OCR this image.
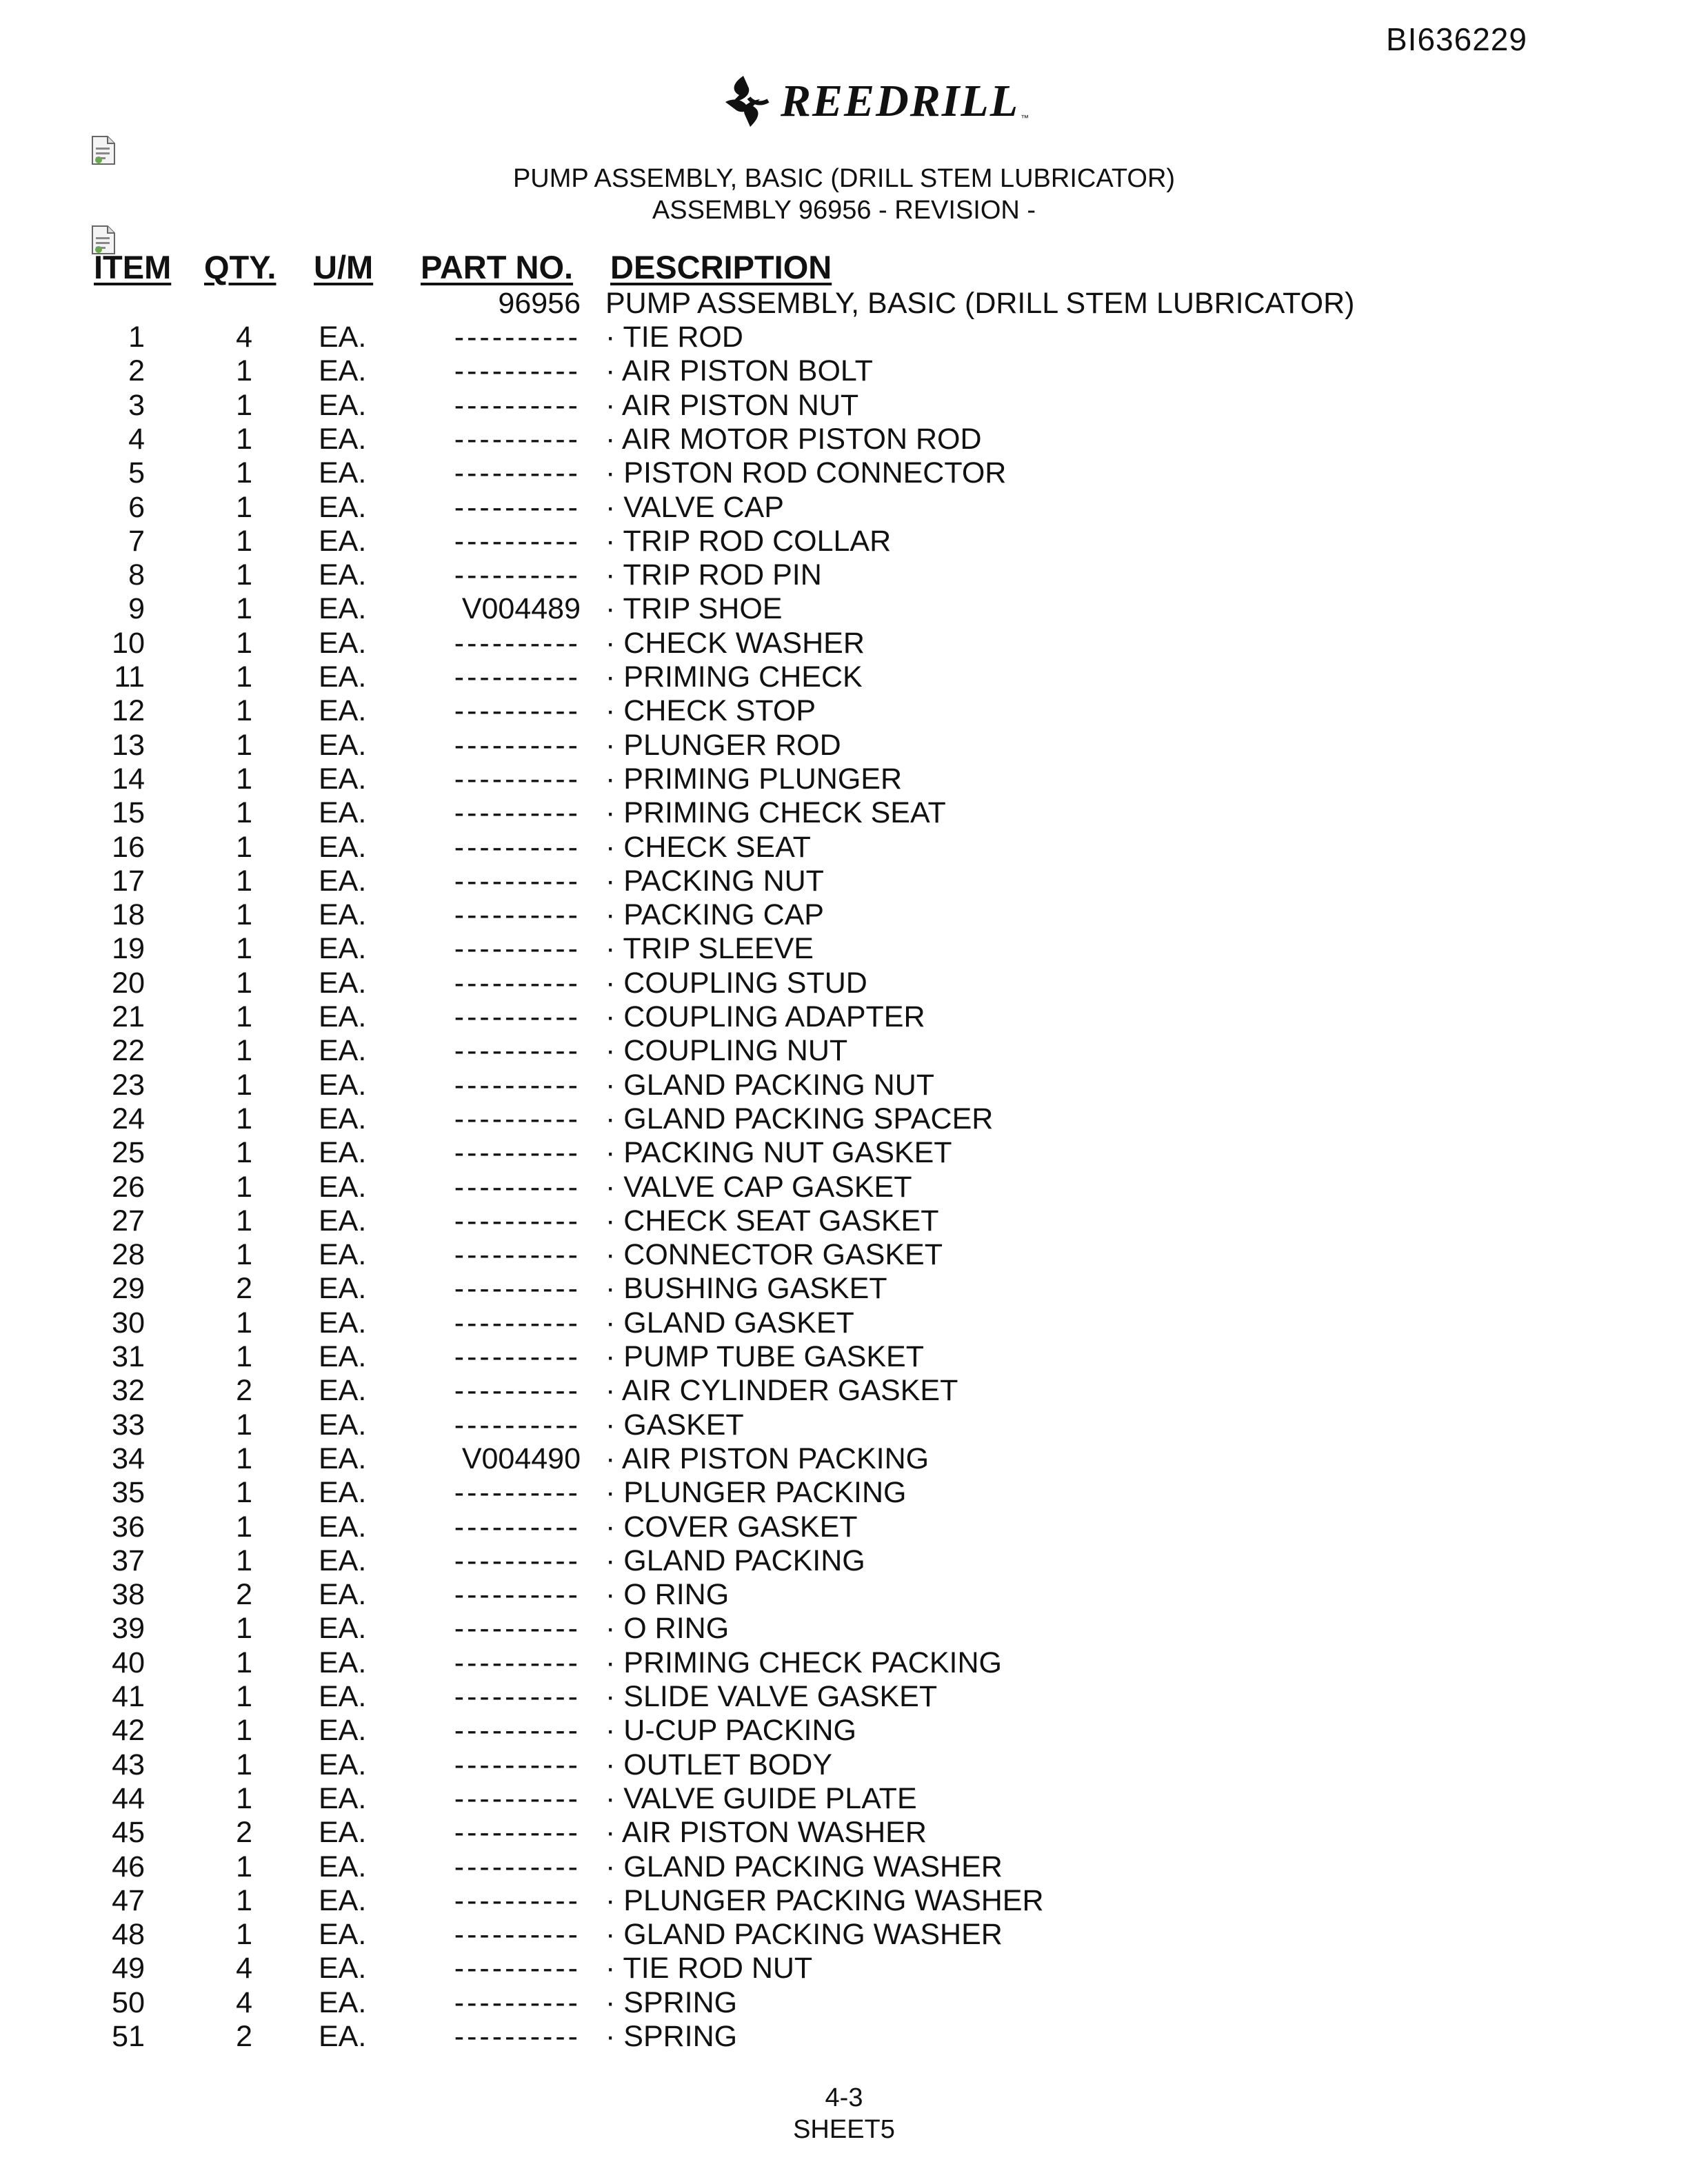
BI636229
REEDRILL ™
PUMP ASSEMBLY, BASIC (DRILL STEM LUBRICATOR)
ASSEMBLY 96956 - REVISION -
ITEM QTY. U/M PART NO. DESCRIPTION
96956 PUMP ASSEMBLY, BASIC (DRILL STEM LUBRICATOR)
1	4 EA.	---------- · TIE ROD
2	1 EA.	---------- · AIR PISTON BOLT
3	1 EA.	---------- · AIR PISTON NUT
4	1 EA.	---------- · AIR MOTOR PISTON ROD
5	1 EA.	---------- · PISTON ROD CONNECTOR
6	1 EA.	---------- · VALVE CAP
7	1 EA.	---------- · TRIP ROD COLLAR
8	1 EA.	---------- · TRIP ROD PIN
9	1 EA.	V004489 · TRIP SHOE
10	1 EA.	---------- · CHECK WASHER
11	1 EA.	---------- · PRIMING CHECK
12	1 EA.	---------- · CHECK STOP
13	1 EA.	---------- · PLUNGER ROD
14	1 EA.	---------- · PRIMING PLUNGER
15	1 EA.	---------- · PRIMING CHECK SEAT
16	1 EA.	---------- · CHECK SEAT
17	1 EA.	---------- · PACKING NUT
18	1 EA.	---------- · PACKING CAP
19	1 EA.	---------- · TRIP SLEEVE
20	1 EA.	---------- · COUPLING STUD
21	1 EA.	---------- · COUPLING ADAPTER
22	1 EA.	---------- · COUPLING NUT
23	1 EA.	---------- · GLAND PACKING NUT
24	1 EA.	---------- · GLAND PACKING SPACER
25	1 EA.	---------- · PACKING NUT GASKET
26	1 EA.	---------- · VALVE CAP GASKET
27	1 EA.	---------- · CHECK SEAT GASKET
28	1 EA.	---------- · CONNECTOR GASKET
29	2 EA.	---------- · BUSHING GASKET
30	1 EA.	---------- · GLAND GASKET
31	1 EA.	---------- · PUMP TUBE GASKET
32	2 EA.	---------- · AIR CYLINDER GASKET
33	1 EA.	---------- · GASKET
34	1 EA.	V004490 · AIR PISTON PACKING
35	1 EA.	---------- · PLUNGER PACKING
36	1 EA.	---------- · COVER GASKET
37	1 EA.	---------- · GLAND PACKING
38	2 EA.	---------- · O RING
39	1 EA.	---------- · O RING
40	1 EA.	---------- · PRIMING CHECK PACKING
41	1 EA.	---------- · SLIDE VALVE GASKET
42	1 EA.	---------- · U-CUP PACKING
43	1 EA.	---------- · OUTLET BODY
44	1 EA.	---------- · VALVE GUIDE PLATE
45	2 EA.	---------- · AIR PISTON WASHER
46	1 EA.	---------- · GLAND PACKING WASHER
47	1 EA.	---------- · PLUNGER PACKING WASHER
48	1 EA.	---------- · GLAND PACKING WASHER
49	4 EA.	---------- · TIE ROD NUT
50	4 EA.	---------- · SPRING
51	2 EA.	---------- · SPRING
4-3
SHEET5
